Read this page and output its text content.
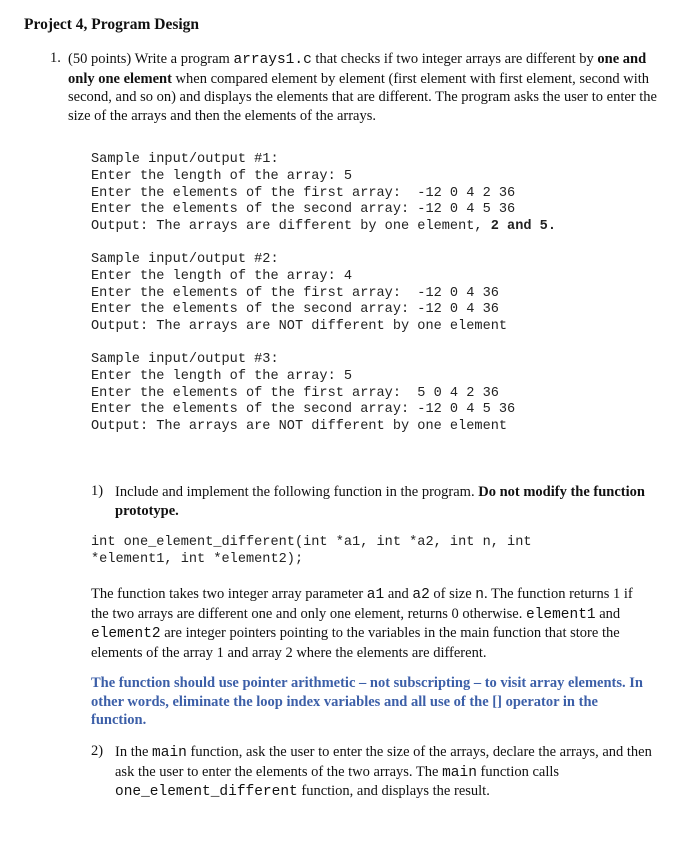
Project 4, Program Design
1. (50 points) Write a program arrays1.c that checks if two integer arrays are different by one and only one element when compared element by element (first element with first element, second with second, and so on) and displays the elements that are different. The program asks the user to enter the size of the arrays and then the elements of the arrays.

Sample input/output #1:
Enter the length of the array: 5
Enter the elements of the first array:  -12 0 4 2 36
Enter the elements of the second array: -12 0 4 5 36
Output: The arrays are different by one element, 2 and 5.
Sample input/output #2:
Enter the length of the array: 4
Enter the elements of the first array:  -12 0 4 36
Enter the elements of the second array: -12 0 4 36
Output: The arrays are NOT different by one element
Sample input/output #3:
Enter the length of the array: 5
Enter the elements of the first array:  5 0 4 2 36
Enter the elements of the second array: -12 0 4 5 36
Output: The arrays are NOT different by one element
1) Include and implement the following function in the program. Do not modify the function prototype.

int one_element_different(int *a1, int *a2, int n, int
*element1, int *element2);

The function takes two integer array parameter a1 and a2 of size n. The function returns 1 if the two arrays are different one and only one element, returns 0 otherwise. element1 and element2 are integer pointers pointing to the variables in the main function that store the elements of the array 1 and array 2 where the elements are different.

The function should use pointer arithmetic – not subscripting – to visit array elements. In other words, eliminate the loop index variables and all use of the [] operator in the function.

2) In the main function, ask the user to enter the size of the arrays, declare the arrays, and then ask the user to enter the elements of the two arrays. The main function calls one_element_different function, and displays the result.
